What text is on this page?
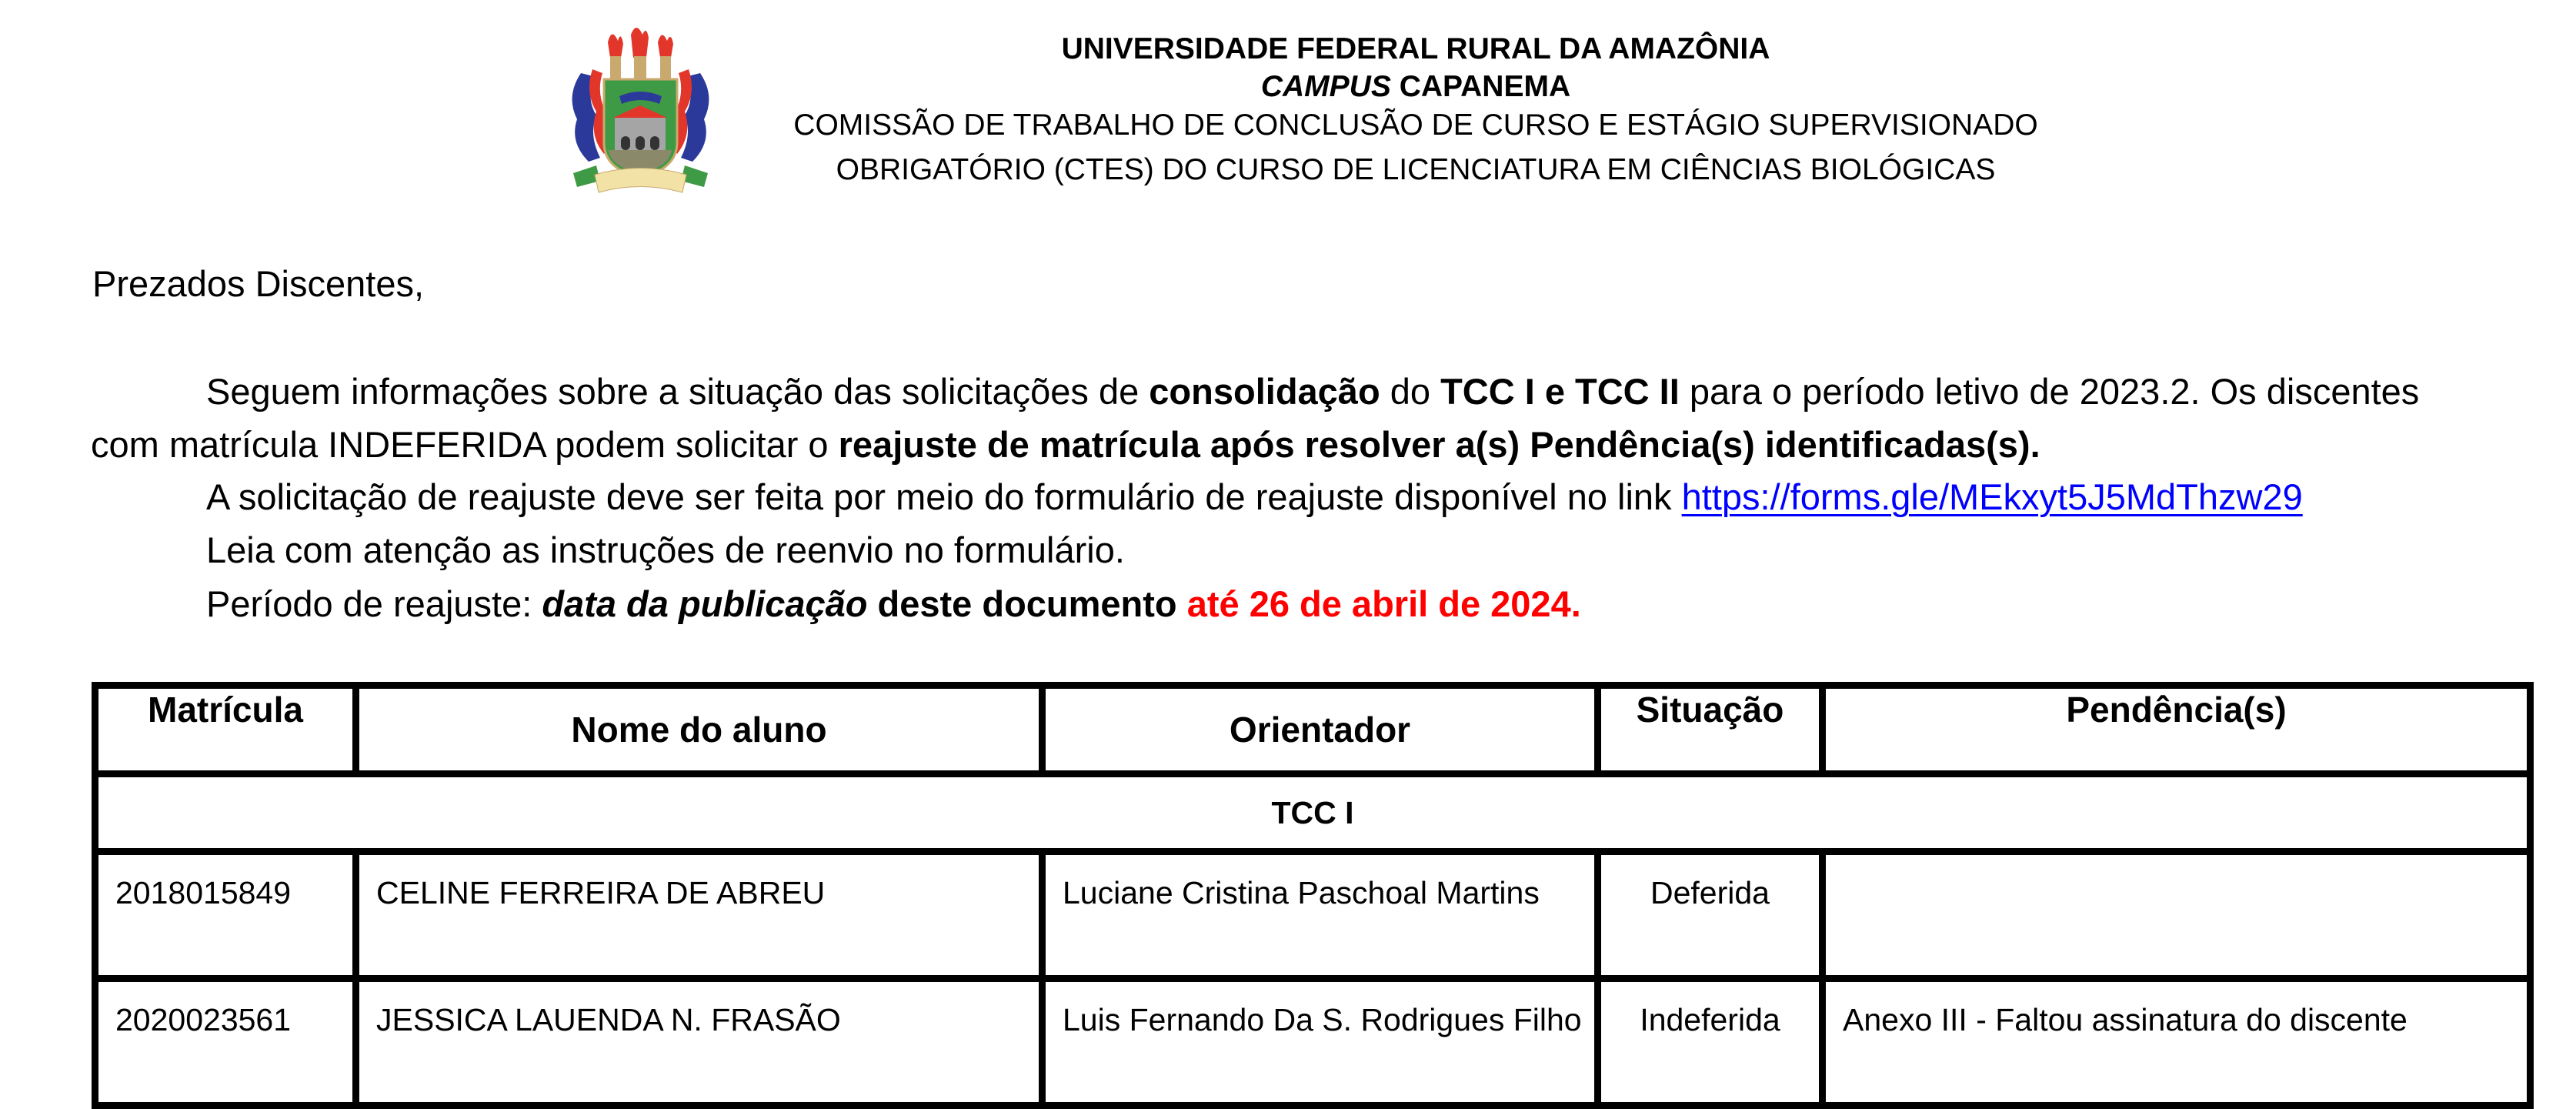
UNIVERSIDADE FEDERAL RURAL DA AMAZÔNIA
CAMPUS CAPANEMA
COMISSÃO DE TRABALHO DE CONCLUSÃO DE CURSO E ESTÁGIO SUPERVISIONADO
OBRIGATÓRIO (CTES) DO CURSO DE LICENCIATURA EM CIÊNCIAS BIOLÓGICAS
Prezados Discentes,
Seguem informações sobre a situação das solicitações de consolidação do TCC I e TCC II para o período letivo de 2023.2. Os discentes
com matrícula INDEFERIDA podem solicitar o reajuste de matrícula após resolver a(s) Pendência(s) identificadas(s).
A solicitação de reajuste deve ser feita por meio do formulário de reajuste disponível no link https://forms.gle/MEkxyt5J5MdThzw29
Leia com atenção as instruções de reenvio no formulário.
Período de reajuste: data da publicação deste documento até 26 de abril de 2024.
Matrícula	Nome do aluno	Orientador	Situação	Pendência(s)
TCC I				
2018015849	CELINE FERREIRA DE ABREU	Luciane Cristina Paschoal Martins	Deferida	
2020023561	JESSICA LAUENDA N. FRASÃO	Luis Fernando Da S. Rodrigues Filho	Indeferida	Anexo III - Faltou assinatura do discente
